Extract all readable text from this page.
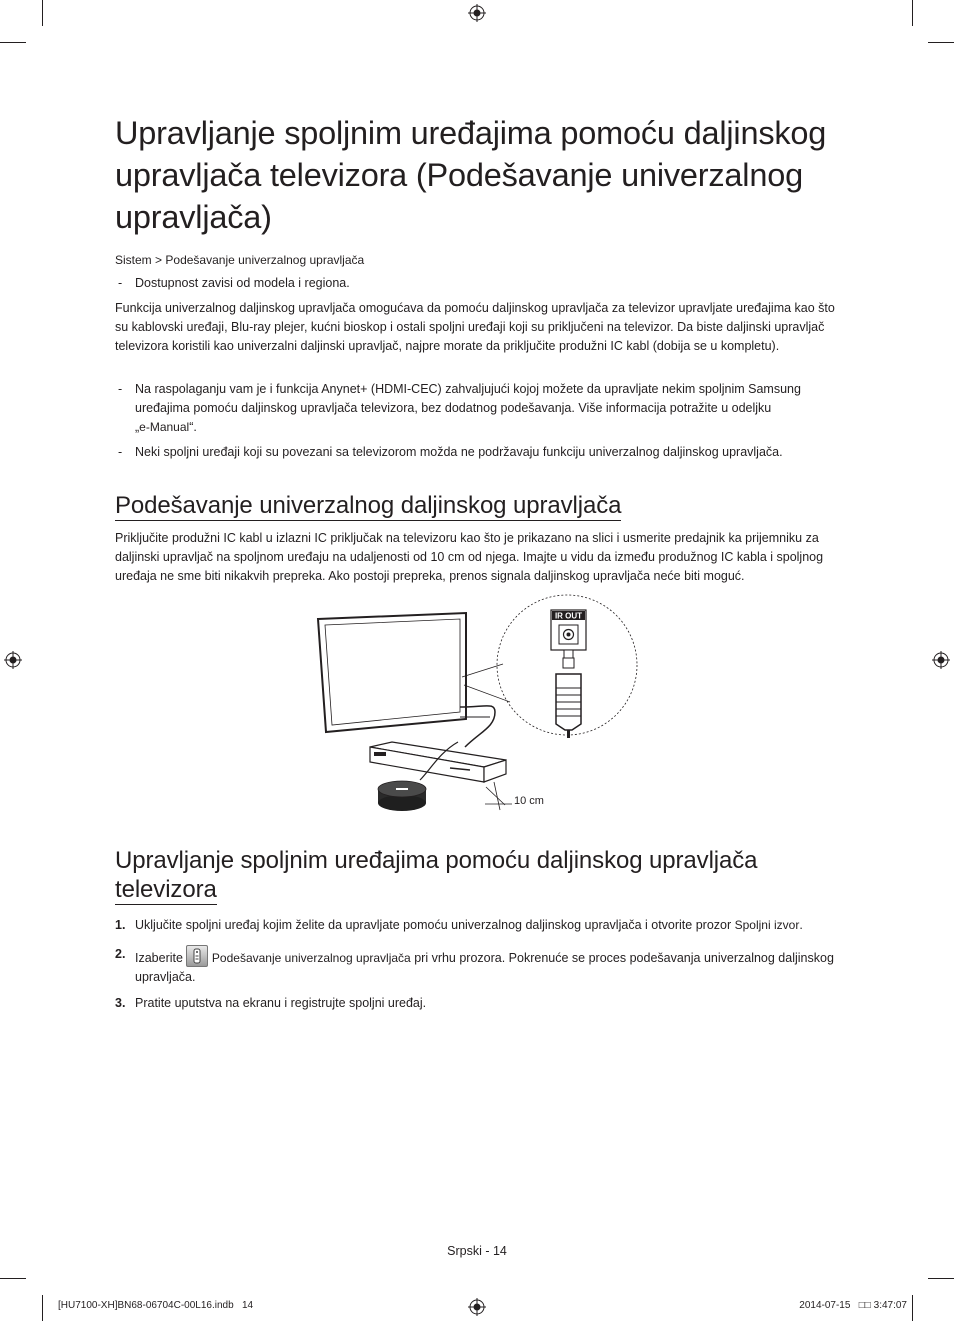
Upravljanje spoljnim uređajima pomoću daljinskog upravljača televizora (Podešavanje univerzalnog upravljača)
Sistem > Podešavanje univerzalnog upravljača
- Dostupnost zavisi od modela i regiona.

Funkcija univerzalnog daljinskog upravljača omogućava da pomoću daljinskog upravljača za televizor upravljate uređajima kao što su kablovski uređaji, Blu-ray plejer, kućni bioskop i ostali spoljni uređaji koji su priključeni na televizor. Da biste daljinski upravljač televizora koristili kao univerzalni daljinski upravljač, najpre morate da priključite produžni IC kabl (dobija se u kompletu).

- Na raspolaganju vam je i funkcija Anynet+ (HDMI-CEC) zahvaljujući kojoj možete da upravljate nekim spoljnim Samsung uređajima pomoću daljinskog upravljača televizora, bez dodatnog podešavanja. Više informacija potražite u odeljku
„e-Manual“.
- Neki spoljni uređaji koji su povezani sa televizorom možda ne podržavaju funkciju univerzalnog daljinskog upravljača.
Podešavanje univerzalnog daljinskog upravljača

Priključite produžni IC kabl u izlazni IC priključak na televizoru kao što je prikazano na slici i usmerite predajnik ka prijemniku za daljinski upravljač na spoljnom uređaju na udaljenosti od 10 cm od njega. Imajte u vidu da između produžnog IC kabla i spoljnog uređaja ne sme biti nikakvih prepreka. Ako postoji prepreka, prenos signala daljinskog upravljača neće biti moguć.

10 cm
IR OUT
Upravljanje spoljnim uređajima pomoću daljinskog upravljača
televizora
1. Uključite spoljni uređaj kojim želite da upravljate pomoću univerzalnog daljinskog upravljača i otvorite prozor Spoljni izvor.
2. Izaberite Podešavanje univerzalnog upravljača pri vrhu prozora. Pokrenuće se proces podešavanja univerzalnog daljinskog upravljača.
3. Pratite uputstva na ekranu i registrujte spoljni uređaj.
Srpski - 14
[HU7100-XH]BN68-06704C-00L16.indb   14	2014-07-15   □□ 3:47:07
